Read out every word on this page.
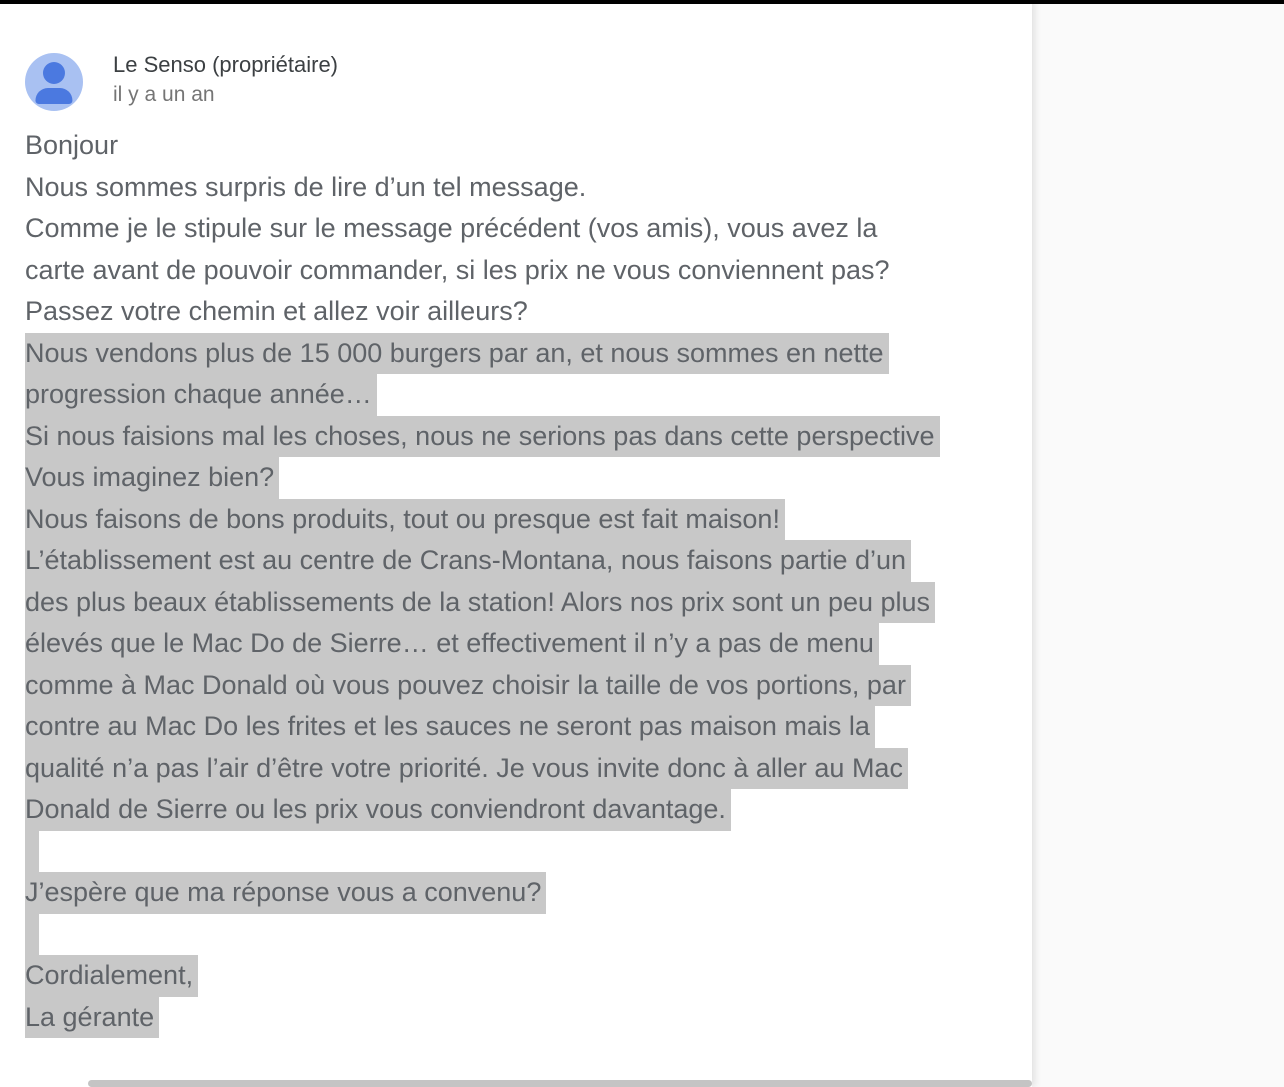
Le Senso (propriétaire)
il y a un an
Bonjour
Nous sommes surpris de lire d’un tel message.
Comme je le stipule sur le message précédent (vos amis), vous avez la
carte avant de pouvoir commander, si les prix ne vous conviennent pas?
Passez votre chemin et allez voir ailleurs?
Nous vendons plus de 15 000 burgers par an, et nous sommes en nette
progression chaque année…
Si nous faisions mal les choses, nous ne serions pas dans cette perspective
Vous imaginez bien?
Nous faisons de bons produits, tout ou presque est fait maison!
L’établissement est au centre de Crans-Montana, nous faisons partie d’un
des plus beaux établissements de la station! Alors nos prix sont un peu plus
élevés que le Mac Do de Sierre… et effectivement il n’y a pas de menu
comme à Mac Donald où vous pouvez choisir la taille de vos portions, par
contre au Mac Do les frites et les sauces ne seront pas maison mais la
qualité n’a pas l’air d’être votre priorité. Je vous invite donc à aller au Mac
Donald de Sierre ou les prix vous conviendront davantage.
J’espère que ma réponse vous a convenu?
Cordialement,
La gérante
